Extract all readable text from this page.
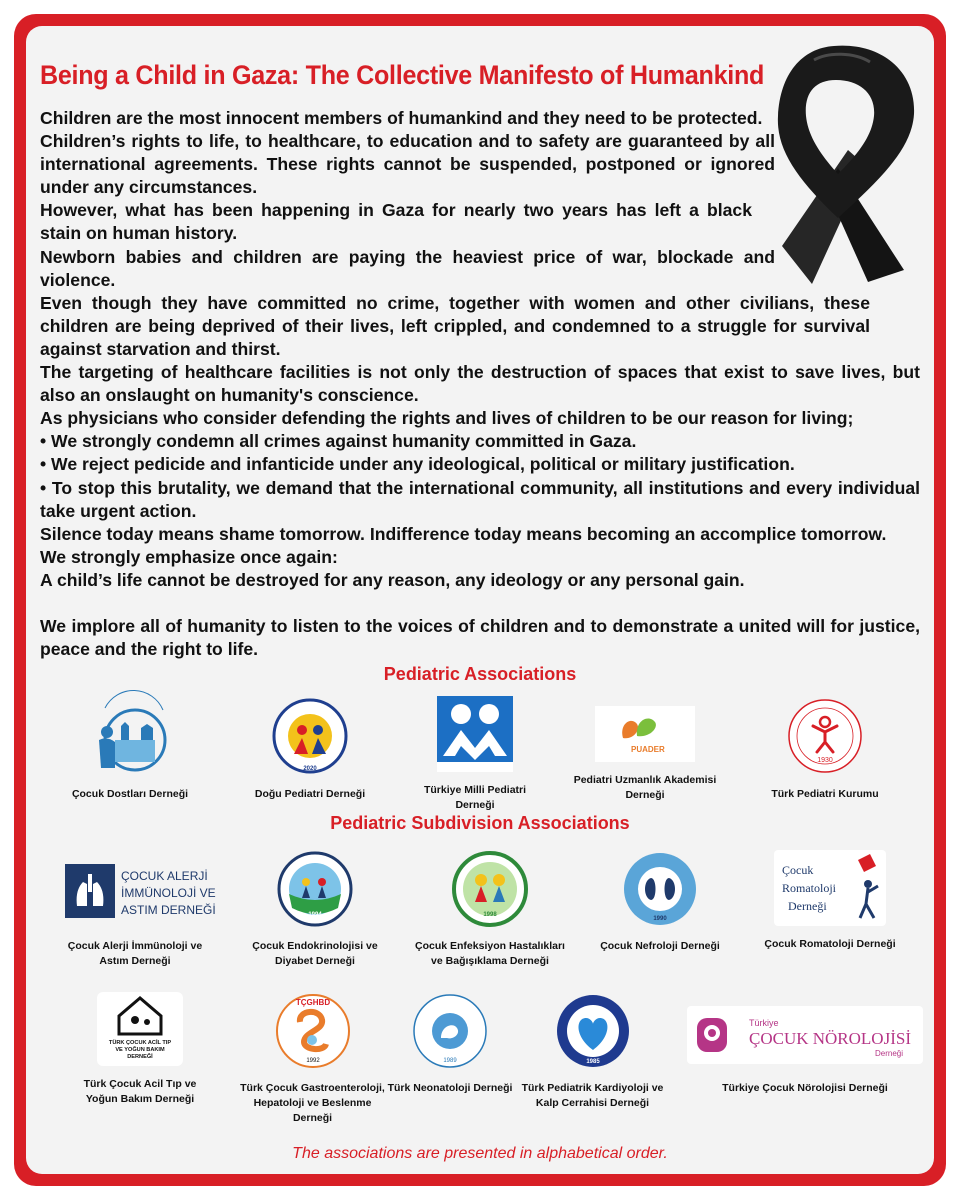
Being a Child in Gaza: The Collective Manifesto of Humankind

Children are the most innocent members of humankind and they need to be protected.

Children’s rights to life, to healthcare, to education and to safety are guaranteed by all international agreements. These rights cannot be suspended, postponed or ignored under any circumstances.

However, what has been happening in Gaza for nearly two years has left a black stain on human history.

Newborn babies and children are paying the heaviest price of war, blockade and violence.

Even though they have committed no crime, together with women and other civilians, these children are being deprived of their lives, left crippled, and condemned to a struggle for survival against starvation and thirst.

The targeting of healthcare facilities is not only the destruction of spaces that exist to save lives, but also an onslaught on humanity's conscience.

As physicians who consider defending the rights and lives of children to be our reason for living;

• We strongly condemn all crimes against humanity committed in Gaza.

• We reject pedicide and infanticide under any ideological, political or military justification.

• To stop this brutality, we demand that the international community, all institutions and every individual take urgent action.

Silence today means shame tomorrow. Indifference today means becoming an accomplice tomorrow.

We strongly emphasize once again:

A child’s life cannot be destroyed for any reason, any ideology or any personal gain.

We implore all of humanity to listen to the voices of children and to demonstrate a united will for justice, peace and the right to life.

Pediatric Associations
Çocuk Dostları Derneği
2020
Doğu Pediatri Derneği	Türkiye Milli Pediatri Derneği
PUADER
Pediatri Uzmanlık Akademisi Derneği
1930
Türk Pediatri Kurumu
Pediatric Subdivision Associations
ÇOCUK ALERJİ
İMMÜNOLOJİ VE
ASTIM DERNEĞİ
Çocuk Alerji İmmünoloji ve Astım Derneği
1994
Çocuk Endokrinolojisi ve Diyabet Derneği
1998
Çocuk Enfeksiyon Hastalıkları ve Bağışıklama Derneği
1990
Çocuk Nefroloji Derneği
Çocuk
Romatoloji
Derneği
Çocuk Romatoloji Derneği
TÜRK ÇOCUK ACİL TIP
VE YOĞUN BAKIM
DERNEĞİ
Türk Çocuk Acil Tıp ve Yoğun Bakım Derneği
TÇGHBD
1992
Türk Çocuk Gastroenteroloji, Hepatoloji ve Beslenme Derneği
1989
Türk Neonatoloji Derneği
1985
Türk Pediatrik Kardiyoloji ve Kalp Cerrahisi Derneği
Türkiye
ÇOCUK NÖROLOJİSİ
Derneği
Türkiye Çocuk Nörolojisi Derneği

The associations are presented in alphabetical order.
